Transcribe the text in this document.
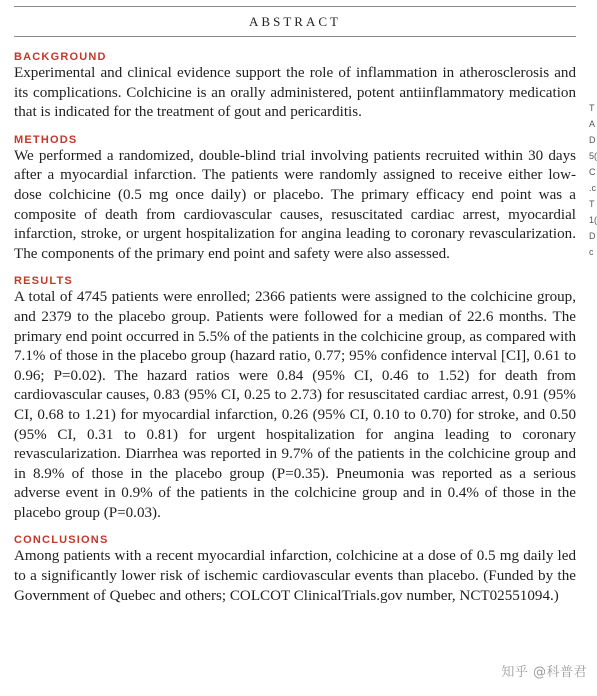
ABSTRACT

BACKGROUND

Experimental and clinical evidence support the role of inflammation in atherosclerosis and its complications. Colchicine is an orally administered, potent antiinflammatory medication that is indicated for the treatment of gout and pericarditis.

METHODS

We performed a randomized, double-blind trial involving patients recruited within 30 days after a myocardial infarction. The patients were randomly assigned to receive either low-dose colchicine (0.5 mg once daily) or placebo. The primary efficacy end point was a composite of death from cardiovascular causes, resuscitated cardiac arrest, myocardial infarction, stroke, or urgent hospitalization for angina leading to coronary revascularization. The components of the primary end point and safety were also assessed.

RESULTS

A total of 4745 patients were enrolled; 2366 patients were assigned to the colchicine group, and 2379 to the placebo group. Patients were followed for a median of 22.6 months. The primary end point occurred in 5.5% of the patients in the colchicine group, as compared with 7.1% of those in the placebo group (hazard ratio, 0.77; 95% confidence interval [CI], 0.61 to 0.96; P=0.02). The hazard ratios were 0.84 (95% CI, 0.46 to 1.52) for death from cardiovascular causes, 0.83 (95% CI, 0.25 to 2.73) for resuscitated cardiac arrest, 0.91 (95% CI, 0.68 to 1.21) for myocardial infarction, 0.26 (95% CI, 0.10 to 0.70) for stroke, and 0.50 (95% CI, 0.31 to 0.81) for urgent hospitalization for angina leading to coronary revascularization. Diarrhea was reported in 9.7% of the patients in the colchicine group and in 8.9% of those in the placebo group (P=0.35). Pneumonia was reported as a serious adverse event in 0.9% of the patients in the colchicine group and in 0.4% of those in the placebo group (P=0.03).

CONCLUSIONS

Among patients with a recent myocardial infarction, colchicine at a dose of 0.5 mg daily led to a significantly lower risk of ischemic cardiovascular events than placebo. (Funded by the Government of Quebec and others; COLCOT ClinicalTrials.gov number, NCT02551094.)

T
A
D
5(
C
.c
T
1(
D
c
知乎 @科普君
